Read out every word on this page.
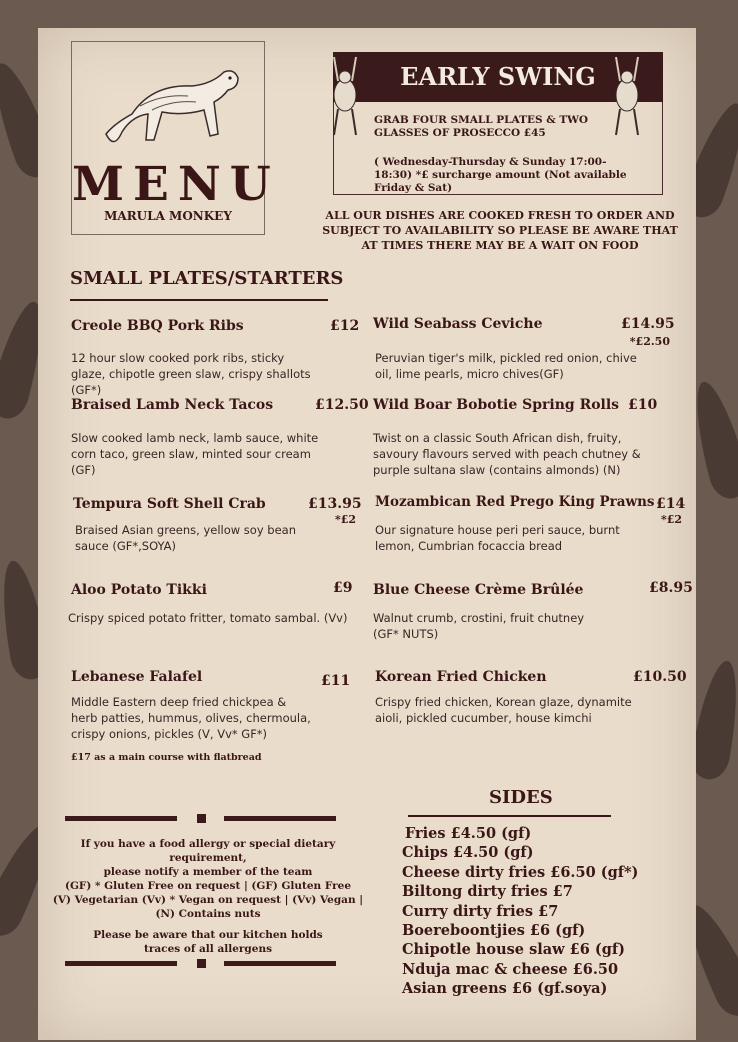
MENU
MARULA MONKEY
EARLY SWING
GRAB FOUR SMALL PLATES & TWO GLASSES OF PROSECCO £45
( Wednesday-Thursday & Sunday 17:00-18:30) *£ surcharge amount (Not available Friday & Sat)
ALL OUR DISHES ARE COOKED FRESH TO ORDER AND SUBJECT TO AVAILABILITY SO PLEASE BE AWARE THAT AT TIMES THERE MAY BE A WAIT ON FOOD
SMALL PLATES/STARTERS
Creole BBQ Pork Ribs	£12
12 hour slow cooked pork ribs, sticky glaze, chipotle green slaw, crispy shallots (GF*)
Wild Seabass Ceviche	£14.95
*£2.50
Peruvian tiger's milk, pickled red onion, chive oil, lime pearls, micro chives(GF)
Braised Lamb Neck Tacos	£12.50
Slow cooked lamb neck, lamb sauce, white corn taco, green slaw, minted sour cream (GF)
Wild Boar Bobotie Spring Rolls £10
Twist on a classic South African dish, fruity, savoury flavours served with peach chutney & purple sultana slaw (contains almonds) (N)
Tempura Soft Shell Crab	£13.95
*£2
Braised Asian greens, yellow soy bean sauce (GF*,SOYA)
Mozambican Red Prego King Prawns £14
*£2
Our signature house peri peri sauce, burnt lemon, Cumbrian focaccia bread
Aloo Potato Tikki	£9
Crispy spiced potato fritter, tomato sambal. (Vv)
Blue Cheese Crème Brûlée	£8.95
Walnut crumb, crostini, fruit chutney (GF* NUTS)
Lebanese Falafel	£11
Middle Eastern deep fried chickpea & herb patties, hummus, olives, chermoula, crispy onions, pickles (V, Vv* GF*)
£17 as a main course with flatbread
Korean Fried Chicken	£10.50
Crispy fried chicken, Korean glaze, dynamite aioli, pickled cucumber, house kimchi
If you have a food allergy or special dietary requirement,
please notify a member of the team
(GF) * Gluten Free on request | (GF) Gluten Free
(V) Vegetarian (Vv) * Vegan on request | (Vv) Vegan |
(N) Contains nuts
Please be aware that our kitchen holds
traces of all allergens
SIDES
Fries £4.50 (gf)
Chips £4.50 (gf)
Cheese dirty fries £6.50 (gf*)
Biltong dirty fries £7
Curry dirty fries £7
Boereboontjies £6 (gf)
Chipotle house slaw £6 (gf)
Nduja mac & cheese £6.50
Asian greens £6 (gf.soya)
